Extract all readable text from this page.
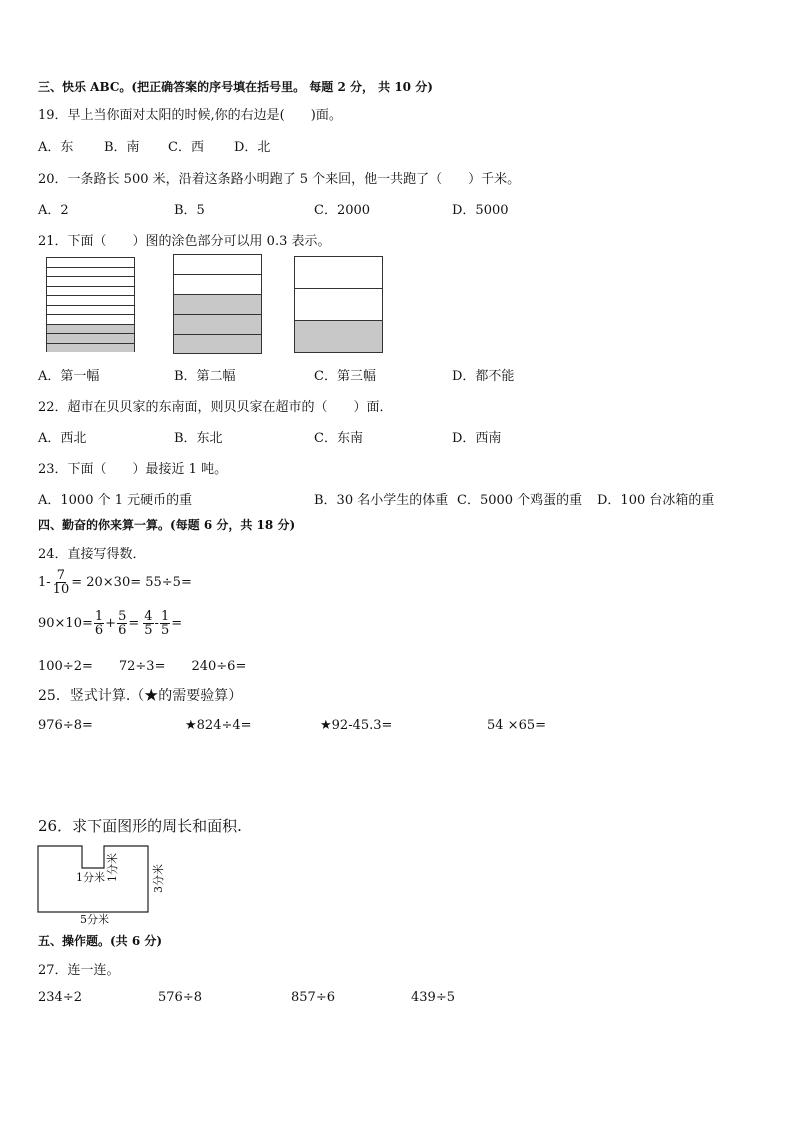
三、快乐 ABC。(把正确答案的序号填在括号里。 每题 2 分， 共 10 分)
19．早上当你面对太阳的时候,你的右边是(　　)面。
A．东 B．南 C．西 D．北
20．一条路长 500 米，沿着这条路小明跑了 5 个来回，他一共跑了（　　）千米。
A．2	B．5	C．2000	D．5000
21．下面（　　）图的涂色部分可以用 0.3 表示。
A．第一幅	B．第二幅	C．第三幅	D．都不能
22．超市在贝贝家的东南面，则贝贝家在超市的（　　）面．
A．西北	B．东北	C．东南	D．西南
23．下面（　　）最接近 1 吨。
A．1000 个 1 元硬币的重	B．30 名小学生的体重 C．5000 个鸡蛋的重 D．100 台冰箱的重
四、勤奋的你来算一算。(每题 6 分，共 18 分)
24．直接写得数．
$1- \frac{7}{10} = 20\times 30= 55\div 5=$
$90\times 10= \frac{1}{6} + \frac{5}{6} = \frac{4}{5} - \frac{1}{5}$ =
100÷2=　　72÷3=　　240÷6=
25．竖式计算.（★的需要验算）
976÷8=	★824÷4=	★92-45.3=	54 ×65=
26．求下面图形的周长和面积.
1分米 1分米	3分米
5分米
五、操作题。(共 6 分)
27．连一连。
234÷2	576÷8	857÷6	439÷5
